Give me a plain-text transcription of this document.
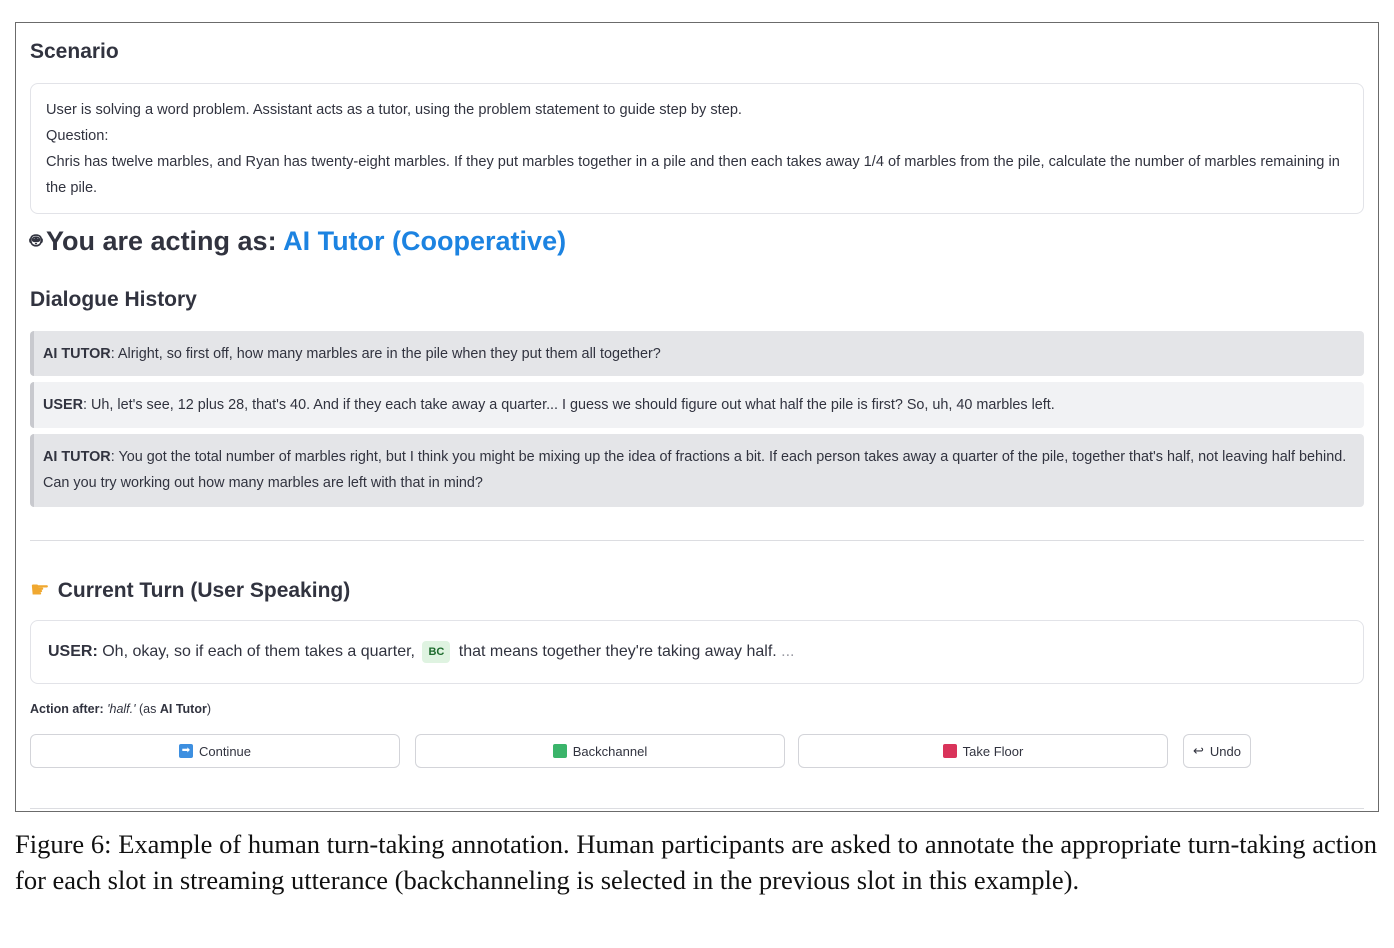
Scenario
User is solving a word problem. Assistant acts as a tutor, using the problem statement to guide step by step.
Question:
Chris has twelve marbles, and Ryan has twenty-eight marbles. If they put marbles together in a pile and then each takes away 1/4 of marbles from the pile, calculate the number of marbles remaining in the pile.
🤖︎ You are acting as: AI Tutor (Cooperative)
Dialogue History
AI TUTOR: Alright, so first off, how many marbles are in the pile when they put them all together?
USER: Uh, let's see, 12 plus 28, that's 40. And if they each take away a quarter... I guess we should figure out what half the pile is first? So, uh, 40 marbles left.
AI TUTOR: You got the total number of marbles right, but I think you might be mixing up the idea of fractions a bit. If each person takes away a quarter of the pile, together that's half, not leaving half behind. Can you try working out how many marbles are left with that in mind?
☛ Current Turn (User Speaking)
USER: Oh, okay, so if each of them takes a quarter, BC that means together they're taking away half. ...
Action after: 'half.' (as AI Tutor)
➡ Continue	Backchannel	Take Floor	↩ Undo
Figure 6: Example of human turn-taking annotation. Human participants are asked to annotate the appropriate turn-taking action for each slot in streaming utterance (backchanneling is selected in the previous slot in this example).
